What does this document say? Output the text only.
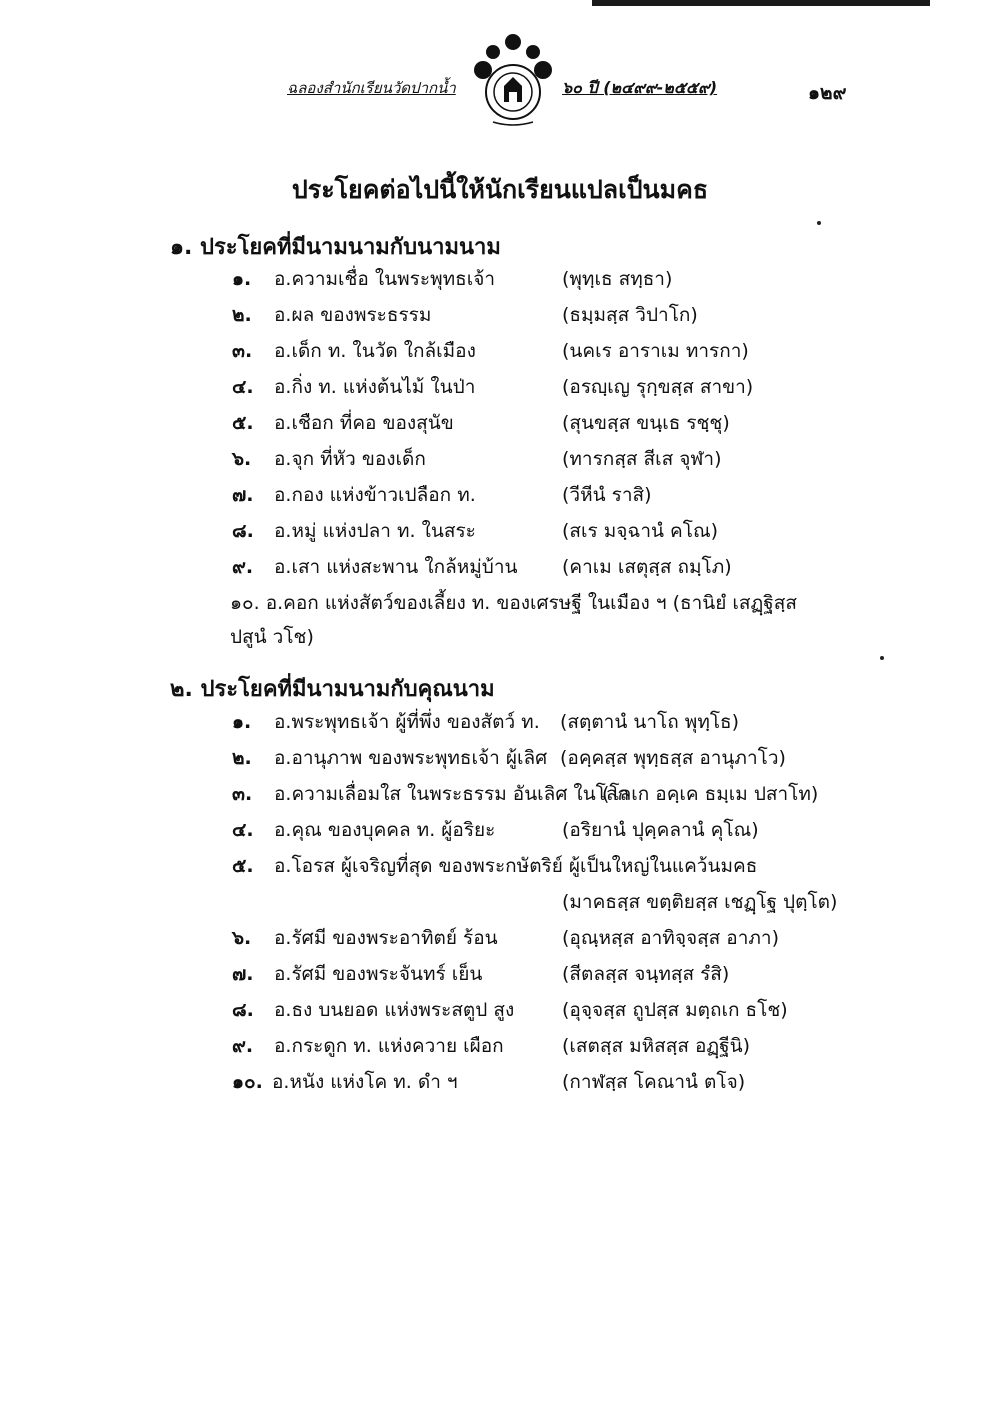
ฉลองสำนักเรียนวัดปากน้ำ	๖๐ ปี (๒๔๙๙-๒๕๕๙)	๑๒๙
ประโยคต่อไปนี้ให้นักเรียนแปลเป็นมคธ
๑. ประโยคที่มีนามนามกับนามนาม
๑. อ.ความเชื่อ ในพระพุทธเจ้า	(พุทฺเธ สทฺธา)
๒. อ.ผล ของพระธรรม	(ธมฺมสฺส วิปาโก)
๓. อ.เด็ก ท. ในวัด ใกล้เมือง	(นคเร อาราเม ทารกา)
๔. อ.กิ่ง ท. แห่งต้นไม้ ในป่า	(อรญฺเญ รุกฺขสฺส สาขา)
๕. อ.เชือก ที่คอ ของสุนัข	(สุนขสฺส ขนฺเธ รชฺชุ)
๖. อ.จุก ที่หัว ของเด็ก	(ทารกสฺส สีเส จุฬา)
๗. อ.กอง แห่งข้าวเปลือก ท.	(วีหีนํ ราสิ)
๘. อ.หมู่ แห่งปลา ท. ในสระ	(สเร มจฺฉานํ คโณ)
๙. อ.เสา แห่งสะพาน ใกล้หมู่บ้าน (คาเม เสตุสฺส ถมฺโภ)
๑๐. อ.คอก แห่งสัตว์ของเลี้ยง ท. ของเศรษฐี ในเมือง ฯ (ธานิยํ เสฏฺฐิสฺส
ปสูนํ วโช)
๒. ประโยคที่มีนามนามกับคุณนาม
๑. อ.พระพุทธเจ้า ผู้ที่พึ่ง ของสัตว์ ท. (สตฺตานํ นาโถ พุทฺโธ)
๒. อ.อานุภาพ ของพระพุทธเจ้า ผู้เลิศ (อคฺคสฺส พุทฺธสฺส อานุภาโว)
๓. อ.ความเลื่อมใส ในพระธรรม อันเลิศ ในโลก
(โลเก อคฺเค ธมฺเม ปสาโท)
๔. อ.คุณ ของบุคคล ท. ผู้อริยะ	(อริยานํ ปุคฺคลานํ คุโณ)
๕. อ.โอรส ผู้เจริญที่สุด ของพระกษัตริย์ ผู้เป็นใหญ่ในแคว้นมคธ
(มาคธสฺส ขตฺติยสฺส เชฏฺโฐ ปุตฺโต)
๖. อ.รัศมี ของพระอาทิตย์ ร้อน	(อุณฺหสฺส อาทิจฺจสฺส อาภา)
๗. อ.รัศมี ของพระจันทร์ เย็น	(สีตลสฺส จนฺทสฺส รํสิ)
๘. อ.ธง บนยอด แห่งพระสตูป สูง	(อุจฺจสฺส ถูปสฺส มตฺถเก ธโช)
๙. อ.กระดูก ท. แห่งควาย เผือก	(เสตสฺส มหิสสฺส อฏฺฐีนิ)
๑๐. อ.หนัง แห่งโค ท. ดำ ฯ	(กาฬสฺส โคณานํ ตโจ)
